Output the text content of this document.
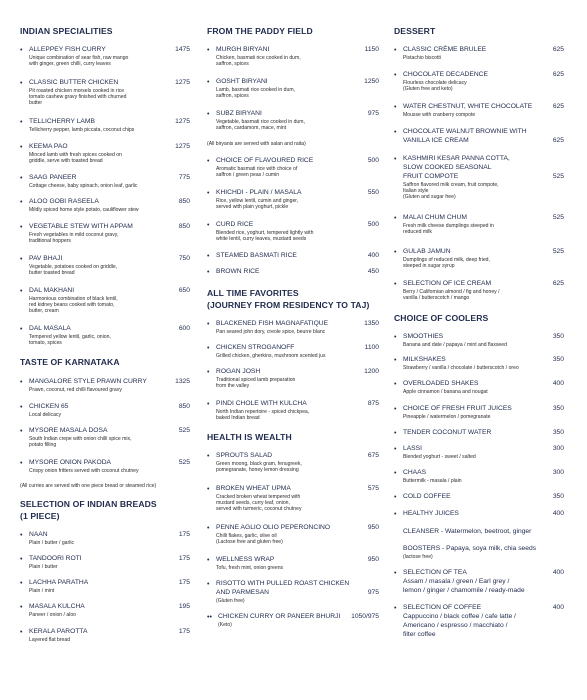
INDIAN SPECIALITIES
• ALLEPPEY FISH CURRY
Unique combination of sear fish, raw mango
with ginger, green chilli, curry leaves
1475
• CLASSIC BUTTER CHICKEN
Pit roasted chicken morsels cooked in rice
tomato cashew gravy finished with churned
butter
1275
• TELLICHERRY LAMB
Tellicherry pepper, lamb piccata, coconut chips
1275
• KEEMA PAO
Minced lamb with fresh spices cooked on
griddle, serve with toasted bread
1275
• SAAG PANEER
Cottage cheese, baby spinach, onion leaf, garlic
775
• ALOO GOBI RASEELA
Mildly spiced home style potato, cauliflower stew
850
• VEGETABLE STEW WITH APPAM
Fresh vegetables in mild coconut gravy,
traditional hoppers
850
• PAV BHAJI
Vegetable, potatoes cooked on griddle,
butter toasted bread
750
• DAL MAKHANI
Harmonious combination of black lentil,
red kidney beans cooked with tomato,
butter, cream
650
• DAL MASALA
Tempered yellow lentil, garlic, onion,
tomato, spices
600
TASTE OF KARNATAKA
• MANGALORE STYLE PRAWN CURRY
Prawn, coconut, red chilli flavoured gravy
1325
• CHICKEN 65
Local delicacy
850
• MYSORE MASALA DOSA
South Indian crepe with onion chilli spice mix,
potato filling
525
• MYSORE ONION PAKODA
Crispy onion fritters served with coconut chutney
525
(All curries are served with one piece bread or steamed rice)
SELECTION OF INDIAN BREADS
(1 PIECE)
• NAAN
Plain / butter / garlic
175
• TANDOORI ROTI
Plain / butter
175
• LACHHA PARATHA
Plain / mint
175
• MASALA KULCHA
Paneer / onion / aloo
195
• KERALA PAROTTA
Layered flat bread
175
FROM THE PADDY FIELD
• MURGH BIRYANI
Chicken, basmati rice cooked in dum,
saffron, spices
1150
• GOSHT BIRYANI
Lamb, basmati rice cooked in dum,
saffron, spices
1250
• SUBZ BIRYANI
Vegetable, basmati rice cooked in dum,
saffron, cardamom, mace, mint
975
(All biryanis are served with salan and raita)
• CHOICE OF FLAVOURED RICE
Aromatic basmati rice with choice of
saffron / green peas / cumin
500
• KHICHDI - PLAIN / MASALA
Rice, yellow lentil, cumin and ginger,
served with plain yoghurt, pickle
550
• CURD RICE
Blended rice, yoghurt, tempered lightly with
white lentil, curry leaves, mustard seeds
500
• STEAMED BASMATI RICE	400
• BROWN RICE	450
ALL TIME FAVORITES
(JOURNEY FROM RESIDENCY TO TAJ)
• BLACKENED FISH MAGNAFATIQUE
Pan seared john dory, creole spice, beurre blanc
1350
• CHICKEN STROGANOFF
Grilled chicken, gherkins, mushroom scented jus
1100
• ROGAN JOSH
Traditional spiced lamb preparation
from the valley
1200
• PINDI CHOLE WITH KULCHA
North Indian repertoire - spiced chickpea,
baked Indian bread
875
HEALTH IS WEALTH
• SPROUTS SALAD
Green moong, black gram, fenugreek,
pomegranate, honey lemon dressing
675
• BROKEN WHEAT UPMA
Cracked broken wheat tempered with
mustard seeds, curry leaf, onion,
served with turmeric, coconut chutney
575
• PENNE AGLIO OLIO PEPERONCINO
Chilli flakes, garlic, olive oil
(Lactose free and gluten free)
950
• WELLNESS WRAP
Tofu, fresh mint, onion greens
950
• RISOTTO WITH PULLED ROAST CHICKEN
AND PARMESAN
(Gluten free)
975
•• CHICKEN CURRY OR PANEER BHURJI
(Keto)
1050/975
DESSERT
• CLASSIC CRÈME BRULEE
Pistachio biscotti
625
• CHOCOLATE DECADENCE
Flourless chocolate delicacy
(Gluten free and keto)
625
• WATER CHESTNUT, WHITE CHOCOLATE
Mousse with cranberry compote
625
• CHOCOLATE WALNUT BROWNIE WITH
VANILLA ICE CREAM	625
• KASHMIRI KESAR PANNA COTTA,
SLOW COOKED SEASONAL
FRUIT COMPOTE
Saffron flavored milk cream, fruit compote,
Italian style
(Gluten and sugar free)
525
• MALAI CHUM CHUM
Fresh milk cheese dumplings steeped in
reduced milk
525
• GULAB JAMUN
Dumplings of reduced milk, deep fried,
steeped in sugar syrup
525
• SELECTION OF ICE CREAM
Berry / Californian almond / fig and honey /
vanilla / butterscotch / mango
625
CHOICE OF COOLERS
• SMOOTHIES
Banana and date / papaya / mint and flaxseed
350
• MILKSHAKES
Strawberry / vanilla / chocolate / butterscotch / oreo
350
• OVERLOADED SHAKES
Apple cinnamon / banana and nougat
400
• CHOICE OF FRESH FRUIT JUICES
Pineapple / watermelon / pomegranate
350
• TENDER COCONUT WATER	350
• LASSI
Blended yoghurt - sweet / salted
300
• CHAAS
Buttermilk - masala / plain
300
• COLD COFFEE	350
• HEALTHY JUICES	400
CLEANSER - Watermelon, beetroot, ginger
BOOSTERS - Papaya, soya milk, chia seeds
(lactose free)
• SELECTION OF TEA
Assam / masala / green / Earl grey /
lemon / ginger / chamomile / ready-made
400
• SELECTION OF COFFEE
Cappuccino / black coffee / cafe latte /
Americano / espresso / macchiato /
filter coffee
400
